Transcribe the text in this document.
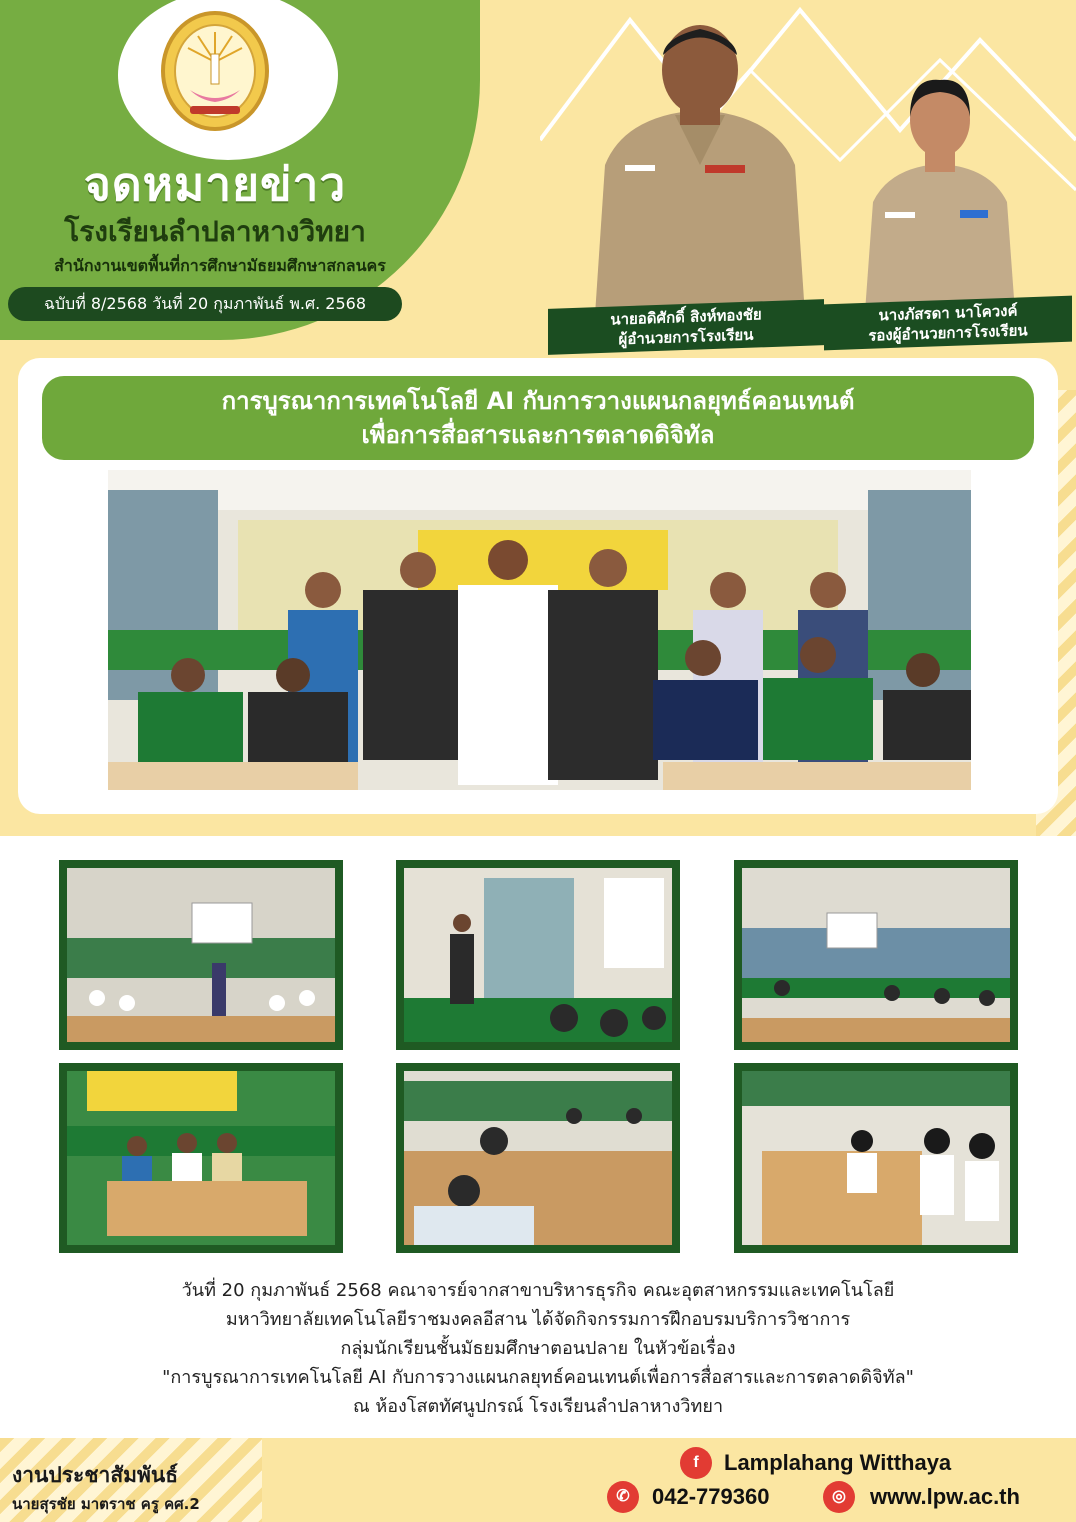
จดหมายข่าว
โรงเรียนลำปลาหางวิทยา
สำนักงานเขตพื้นที่การศึกษามัธยมศึกษาสกลนคร
ฉบับที่ 8/2568 วันที่ 20 กุมภาพันธ์ พ.ศ. 2568
นายอดิศักดิ์ สิงห์ทองชัย
ผู้อำนวยการโรงเรียน
นางภัสรดา นาโควงค์
รองผู้อำนวยการโรงเรียน
การบูรณาการเทคโนโลยี AI กับการวางแผนกลยุทธ์คอนเทนต์
เพื่อการสื่อสารและการตลาดดิจิทัล
วันที่ 20 กุมภาพันธ์ 2568 คณาจารย์จากสาขาบริหารธุรกิจ คณะอุตสาหกรรมและเทคโนโลยี
มหาวิทยาลัยเทคโนโลยีราชมงคลอีสาน ได้จัดกิจกรรมการฝึกอบรมบริการวิชาการ
กลุ่มนักเรียนชั้นมัธยมศึกษาตอนปลาย ในหัวข้อเรื่อง
"การบูรณาการเทคโนโลยี AI กับการวางแผนกลยุทธ์คอนเทนต์เพื่อการสื่อสารและการตลาดดิจิทัล"
ณ ห้องโสตทัศนูปกรณ์ โรงเรียนลำปลาหางวิทยา
งานประชาสัมพันธ์
นายสุรชัย มาตราช ครู คศ.2
f	Lamplahang Witthaya
✆	042-779360	◎	www.lpw.ac.th
